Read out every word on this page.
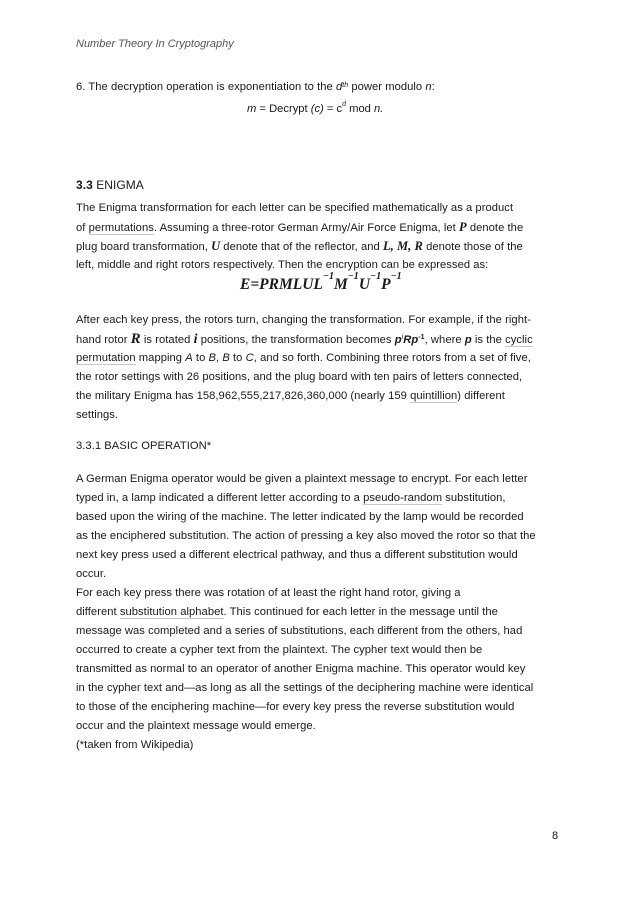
Number Theory In Cryptography
6. The decryption operation is exponentiation to the $d^{th}$ power modulo n:
m = Decrypt $(c) = c^d$ mod n.
3.3 ENIGMA
The Enigma transformation for each letter can be specified mathematically as a product
of permutations. Assuming a three-rotor German Army/Air Force Enigma, let P denote the
plug board transformation, U denote that of the reflector, and L, M, R denote those of the
left, middle and right rotors respectively. Then the encryption can be expressed as:
$E=PRMLUL^{-1}M^{-1}U^{-1}P^{-1}$
After each key press, the rotors turn, changing the transformation. For example, if the right-
hand rotor R is rotated i positions, the transformation becomes $p^iRp^{-1}$, where p is the cyclic
permutation mapping A to B, B to C, and so forth. Combining three rotors from a set of five,
the rotor settings with 26 positions, and the plug board with ten pairs of letters connected,
the military Enigma has 158,962,555,217,826,360,000 (nearly 159 quintillion) different
settings.
3.3.1 BASIC OPERATION*
A German Enigma operator would be given a plaintext message to encrypt. For each letter
typed in, a lamp indicated a different letter according to a pseudo-random substitution,
based upon the wiring of the machine. The letter indicated by the lamp would be recorded
as the enciphered substitution. The action of pressing a key also moved the rotor so that the
next key press used a different electrical pathway, and thus a different substitution would
occur.
For each key press there was rotation of at least the right hand rotor, giving a
different substitution alphabet. This continued for each letter in the message until the
message was completed and a series of substitutions, each different from the others, had
occurred to create a cypher text from the plaintext. The cypher text would then be
transmitted as normal to an operator of another Enigma machine. This operator would key
in the cypher text and—as long as all the settings of the deciphering machine were identical
to those of the enciphering machine—for every key press the reverse substitution would
occur and the plaintext message would emerge.
(*taken from Wikipedia)
8
